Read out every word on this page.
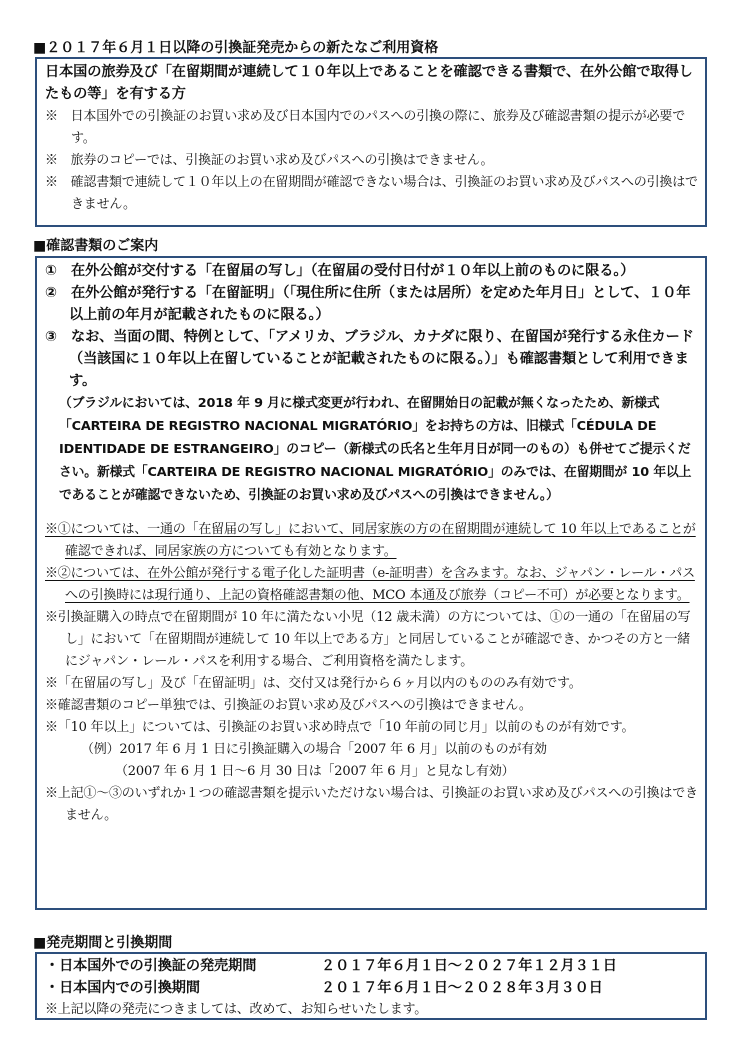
■２０１７年６月１日以降の引換証発売からの新たなご利用資格
日本国の旅券及び「在留期間が連続して１０年以上であることを確認できる書類で、在外公館で取得したもの等」を有する方
※　日本国外での引換証のお買い求め及び日本国内でのパスへの引換の際に、旅券及び確認書類の提示が必要です。
※　旅券のコピーでは、引換証のお買い求め及びパスへの引換はできません。
※　確認書類で連続して１０年以上の在留期間が確認できない場合は、引換証のお買い求め及びパスへの引換はできません。
■確認書類のご案内
①　在外公館が交付する「在留届の写し」（在留届の受付日付が１０年以上前のものに限る。）
②　在外公館が発行する「在留証明」（「現住所に住所（または居所）を定めた年月日」として、１０年以上前の年月が記載されたものに限る。）
③　なお、当面の間、特例として、「アメリカ、ブラジル、カナダに限り、在留国が発行する永住カード（当該国に１０年以上在留していることが記載されたものに限る。）」も確認書類として利用できます。
（ブラジルにおいては、2018 年 9 月に様式変更が行われ、在留開始日の記載が無くなったため、新様式「CARTEIRA DE REGISTRO NACIONAL MIGRATÓRIO」をお持ちの方は、旧様式「CÉDULA DE IDENTIDADE DE ESTRANGEIRO」のコピー（新様式の氏名と生年月日が同一のもの）も併せてご提示ください。新様式「CARTEIRA DE REGISTRO NACIONAL MIGRATÓRIO」のみでは、在留期間が 10 年以上であることが確認できないため、引換証のお買い求め及びパスへの引換はできません。）
※①については、一通の「在留届の写し」において、同居家族の方の在留期間が連続して 10 年以上であることが確認できれば、同居家族の方についても有効となります。
※②については、在外公館が発行する電子化した証明書（e-証明書）を含みます。なお、ジャパン・レール・パスへの引換時には現行通り、上記の資格確認書類の他、MCO 本通及び旅券（コピー不可）が必要となります。
※引換証購入の時点で在留期間が 10 年に満たない小児（12 歳未満）の方については、①の一通の「在留届の写し」において「在留期間が連続して 10 年以上である方」と同居していることが確認でき、かつその方と一緒にジャパン・レール・パスを利用する場合、ご利用資格を満たします。
※「在留届の写し」及び「在留証明」は、交付又は発行から６ヶ月以内のもののみ有効です。
※確認書類のコピー単独では、引換証のお買い求め及びパスへの引換はできません。
※「10 年以上」については、引換証のお買い求め時点で「10 年前の同じ月」以前のものが有効です。
（例）2017 年 6 月 1 日に引換証購入の場合「2007 年 6 月」以前のものが有効
（2007 年 6 月 1 日～6 月 30 日は「2007 年 6 月」と見なし有効）
※上記①～③のいずれか１つの確認書類を提示いただけない場合は、引換証のお買い求め及びパスへの引換はできません。
■発売期間と引換期間
・日本国外での引換証の発売期間	２０１７年６月１日～２０２７年１２月３１日
・日本国内での引換期間	２０１７年６月１日～２０２８年３月３０日
※上記以降の発売につきましては、改めて、お知らせいたします。
